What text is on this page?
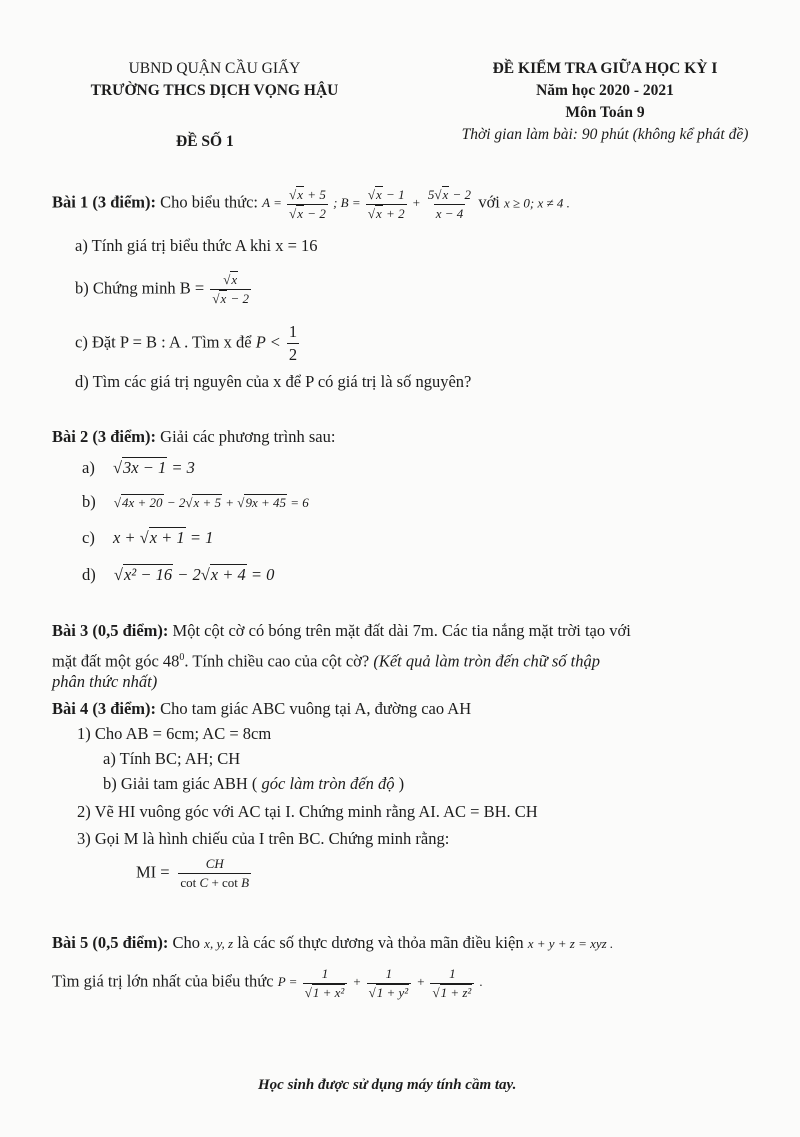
UBND QUẬN CẦU GIẤY
TRƯỜNG THCS DỊCH VỌNG HẬU
ĐỀ SỐ 1
ĐỀ KIỂM TRA GIỮA HỌC KỲ I
Năm học 2020 - 2021
Môn Toán 9
Thời gian làm bài: 90 phút (không kể phát đề)
Bài 1 (3 điểm): Cho biểu thức: $A = \frac{√x + 5}{√x - 2}$ ; $B = \frac{√x - 1}{√x + 2} + \frac{5√x - 2}{x - 4}$ với x ≥ 0; x ≠ 4 .
a) Tính giá trị biểu thức A khi x = 16
b) Chứng minh $B = \frac{√x}{√x - 2}$
c) Đặt P = B : A . Tìm x để $P < \frac{1}{2}$
d) Tìm các giá trị nguyên của x để P có giá trị là số nguyên?
Bài 2 (3 điểm): Giải các phương trình sau:
a) √3x − 1 = 3
b) √4x + 20 − 2√x + 5 + √9x + 45 = 6
c) x + √x + 1 = 1
d) √x² − 16 − 2√x + 4 = 0
Bài 3 (0,5 điểm): Một cột cờ có bóng trên mặt đất dài 7m. Các tia nắng mặt trời tạo với
mặt đất một góc $48^0$. Tính chiều cao của cột cờ? (Kết quả làm tròn đến chữ số thập
phân thức nhất)
Bài 4 (3 điểm): Cho tam giác ABC vuông tại A, đường cao AH
1) Cho AB = 6cm; AC = 8cm
a) Tính BC; AH; CH
b) Giải tam giác ABH ( góc làm tròn đến độ )
2) Vẽ HI vuông góc với AC tại I. Chứng minh rằng AI. AC = BH. CH
3) Gọi M là hình chiếu của I trên BC. Chứng minh rằng:
MI = $\frac{CH}{\text{cot C + cot B}}$
Bài 5 (0,5 điểm): Cho x, y, z là các số thực dương và thỏa mãn điều kiện x + y + z = xyz .
Tìm giá trị lớn nhất của biểu thức $P = \frac{1}{\text{√1 + x²}} + \frac{1}{\text{√1 + y²}} + \frac{1}{\text{√1 + z²}}$ .
Học sinh được sử dụng máy tính cầm tay.
